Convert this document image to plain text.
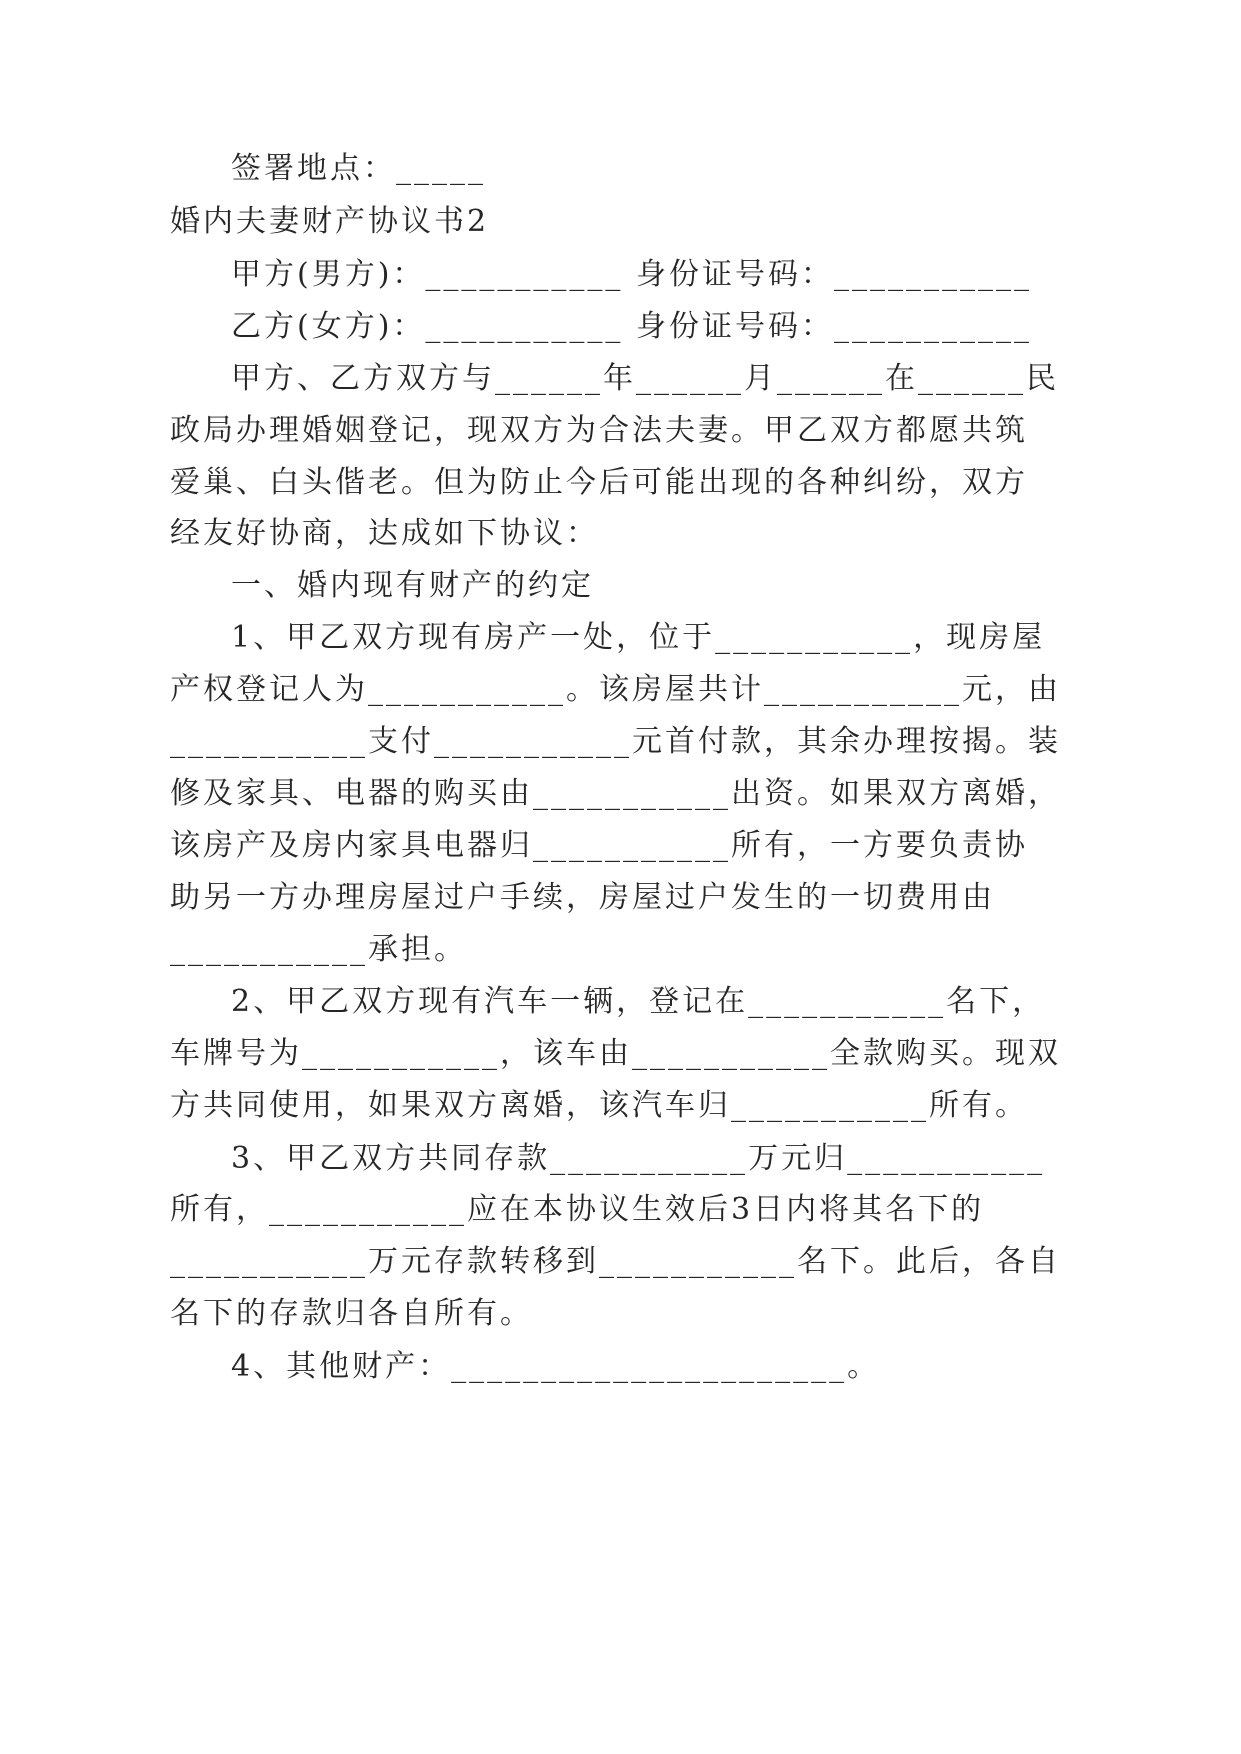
签署地点：_____
婚内夫妻财产协议书2
甲方(男方)：___________ 身份证号码：___________
乙方(女方)：___________ 身份证号码：___________
甲方、乙方双方与______年______月______在______民
政局办理婚姻登记，现双方为合法夫妻。甲乙双方都愿共筑
爱巢、白头偕老。但为防止今后可能出现的各种纠纷，双方
经友好协商，达成如下协议：
一、婚内现有财产的约定
1、甲乙双方现有房产一处，位于___________，现房屋
产权登记人为___________。该房屋共计___________元，由
___________支付___________元首付款，其余办理按揭。装
修及家具、电器的购买由___________出资。如果双方离婚，
该房产及房内家具电器归___________所有，一方要负责协
助另一方办理房屋过户手续，房屋过户发生的一切费用由
___________承担。
2、甲乙双方现有汽车一辆，登记在___________名下，
车牌号为___________，该车由___________全款购买。现双
方共同使用，如果双方离婚，该汽车归___________所有。
3、甲乙双方共同存款___________万元归___________
所有，___________应在本协议生效后3日内将其名下的
___________万元存款转移到___________名下。此后，各自
名下的存款归各自所有。
4、其他财产：______________________。
